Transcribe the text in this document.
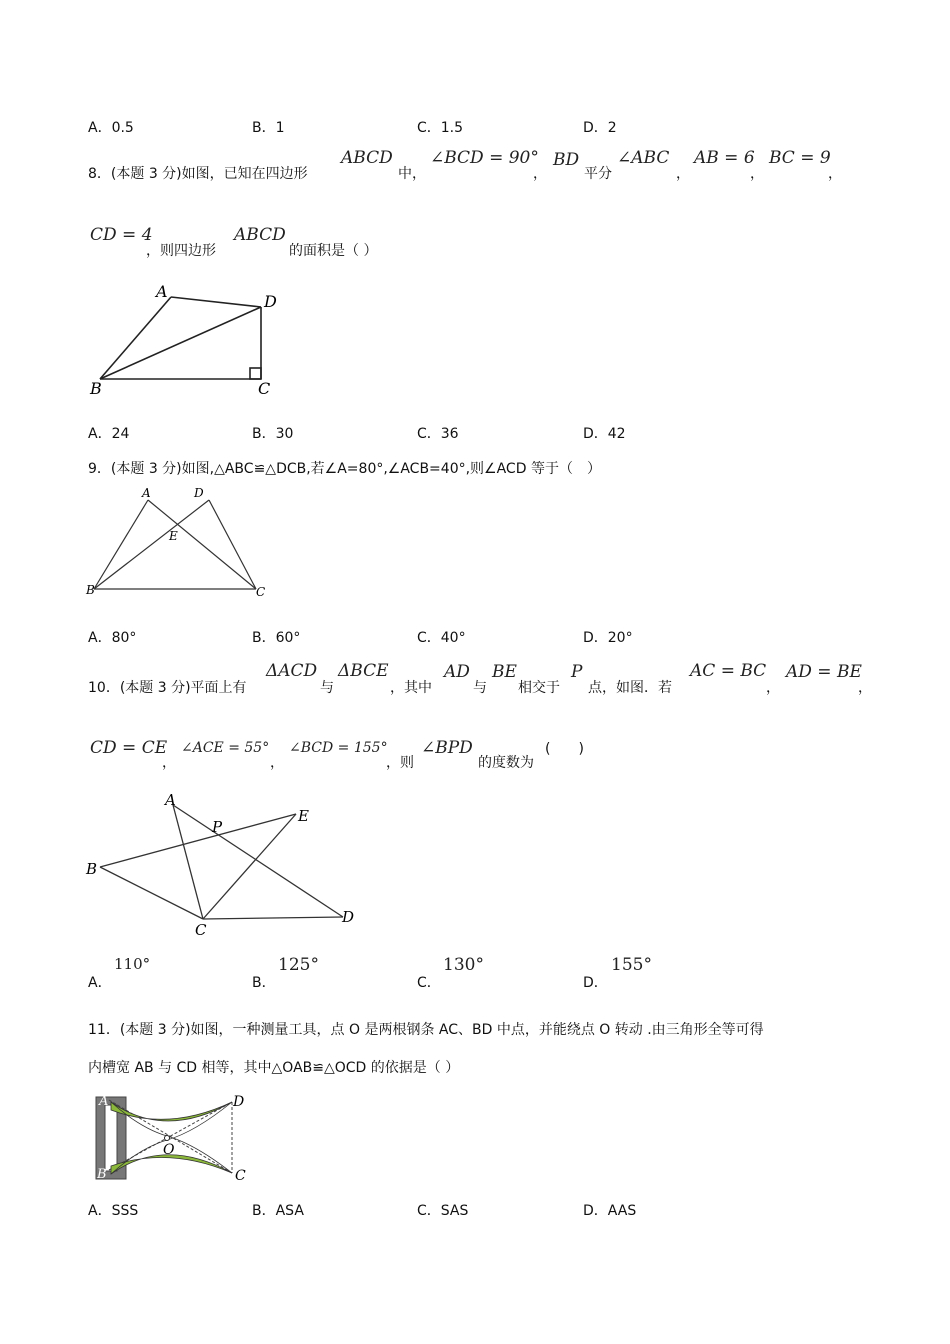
A．0.5	B．1	C．1.5	D．2
8．(本题 3 分)如图，已知在四边形
ABCD
中，
∠BCD = 90°
，
BD
平分
∠ABC
，
AB = 6
，
BC = 9
，
CD = 4
，则四边形
ABCD
的面积是（ ）
A
D
B	C
A．24	B．30	C．36	D．42
9．(本题 3 分)如图,△ABC≌△DCB,若∠A=80°,∠ACB=40°,则∠ACD 等于（　）
A	D
E
B	C
A．80°	B．60°	C．40°	D．20°
10．(本题 3 分)平面上有
ΔACD
与
ΔBCE
，其中
AD
与
BE
相交于
P
点，如图．若
AC = BC
，
AD = BE
，
CD = CE
，
∠ACE = 55°
，
∠BCD = 155°
，则
∠BPD
的度数为
(　　)
A
P
E
B
D
C
A．
110°
B．
125°
C．
130°
D．
155°
11．(本题 3 分)如图，一种测量工具，点 O 是两根钢条 AC、BD 中点，并能绕点 O 转动 .由三角形全等可得
内槽宽 AB 与 CD 相等，其中△OAB≌△OCD 的依据是（ ）
A	D
O
B	C
A．SSS	B．ASA	C．SAS	D．AAS
